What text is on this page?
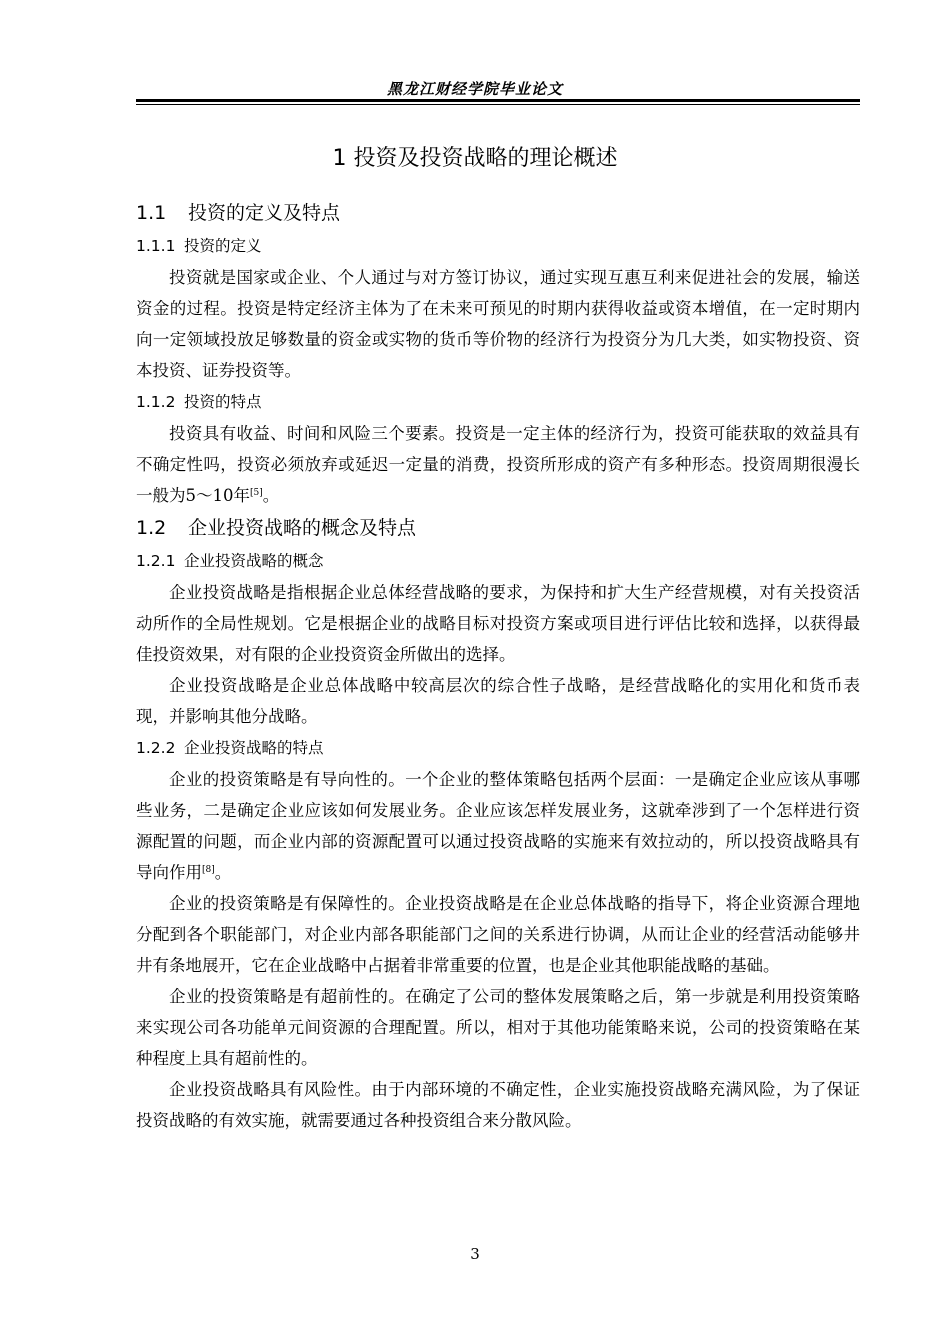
黑龙江财经学院毕业论文
1 投资及投资战略的理论概述
1.1 投资的定义及特点
1.1.1 投资的定义

投资就是国家或企业、个人通过与对方签订协议，通过实现互惠互利来促进社会的发展，输送资金的过程。投资是特定经济主体为了在未来可预见的时期内获得收益或资本增值，在一定时期内向一定领域投放足够数量的资金或实物的货币等价物的经济行为投资分为几大类，如实物投资、资本投资、证券投资等。

1.1.2 投资的特点

投资具有收益、时间和风险三个要素。投资是一定主体的经济行为，投资可能获取的效益具有不确定性吗，投资必须放弃或延迟一定量的消费，投资所形成的资产有多种形态。投资周期很漫长一般为5～10年[5]。

1.2 企业投资战略的概念及特点
1.2.1 企业投资战略的概念

企业投资战略是指根据企业总体经营战略的要求，为保持和扩大生产经营规模，对有关投资活动所作的全局性规划。它是根据企业的战略目标对投资方案或项目进行评估比较和选择，以获得最佳投资效果，对有限的企业投资资金所做出的选择。

企业投资战略是企业总体战略中较高层次的综合性子战略，是经营战略化的实用化和货币表现，并影响其他分战略。

1.2.2 企业投资战略的特点

企业的投资策略是有导向性的。一个企业的整体策略包括两个层面：一是确定企业应该从事哪些业务，二是确定企业应该如何发展业务。企业应该怎样发展业务，这就牵涉到了一个怎样进行资源配置的问题，而企业内部的资源配置可以通过投资战略的实施来有效拉动的，所以投资战略具有导向作用[8]。

企业的投资策略是有保障性的。企业投资战略是在企业总体战略的指导下，将企业资源合理地分配到各个职能部门，对企业内部各职能部门之间的关系进行协调，从而让企业的经营活动能够井井有条地展开，它在企业战略中占据着非常重要的位置，也是企业其他职能战略的基础。

企业的投资策略是有超前性的。在确定了公司的整体发展策略之后，第一步就是利用投资策略来实现公司各功能单元间资源的合理配置。所以，相对于其他功能策略来说，公司的投资策略在某种程度上具有超前性的。

企业投资战略具有风险性。由于内部环境的不确定性，企业实施投资战略充满风险，为了保证投资战略的有效实施，就需要通过各种投资组合来分散风险。

3
